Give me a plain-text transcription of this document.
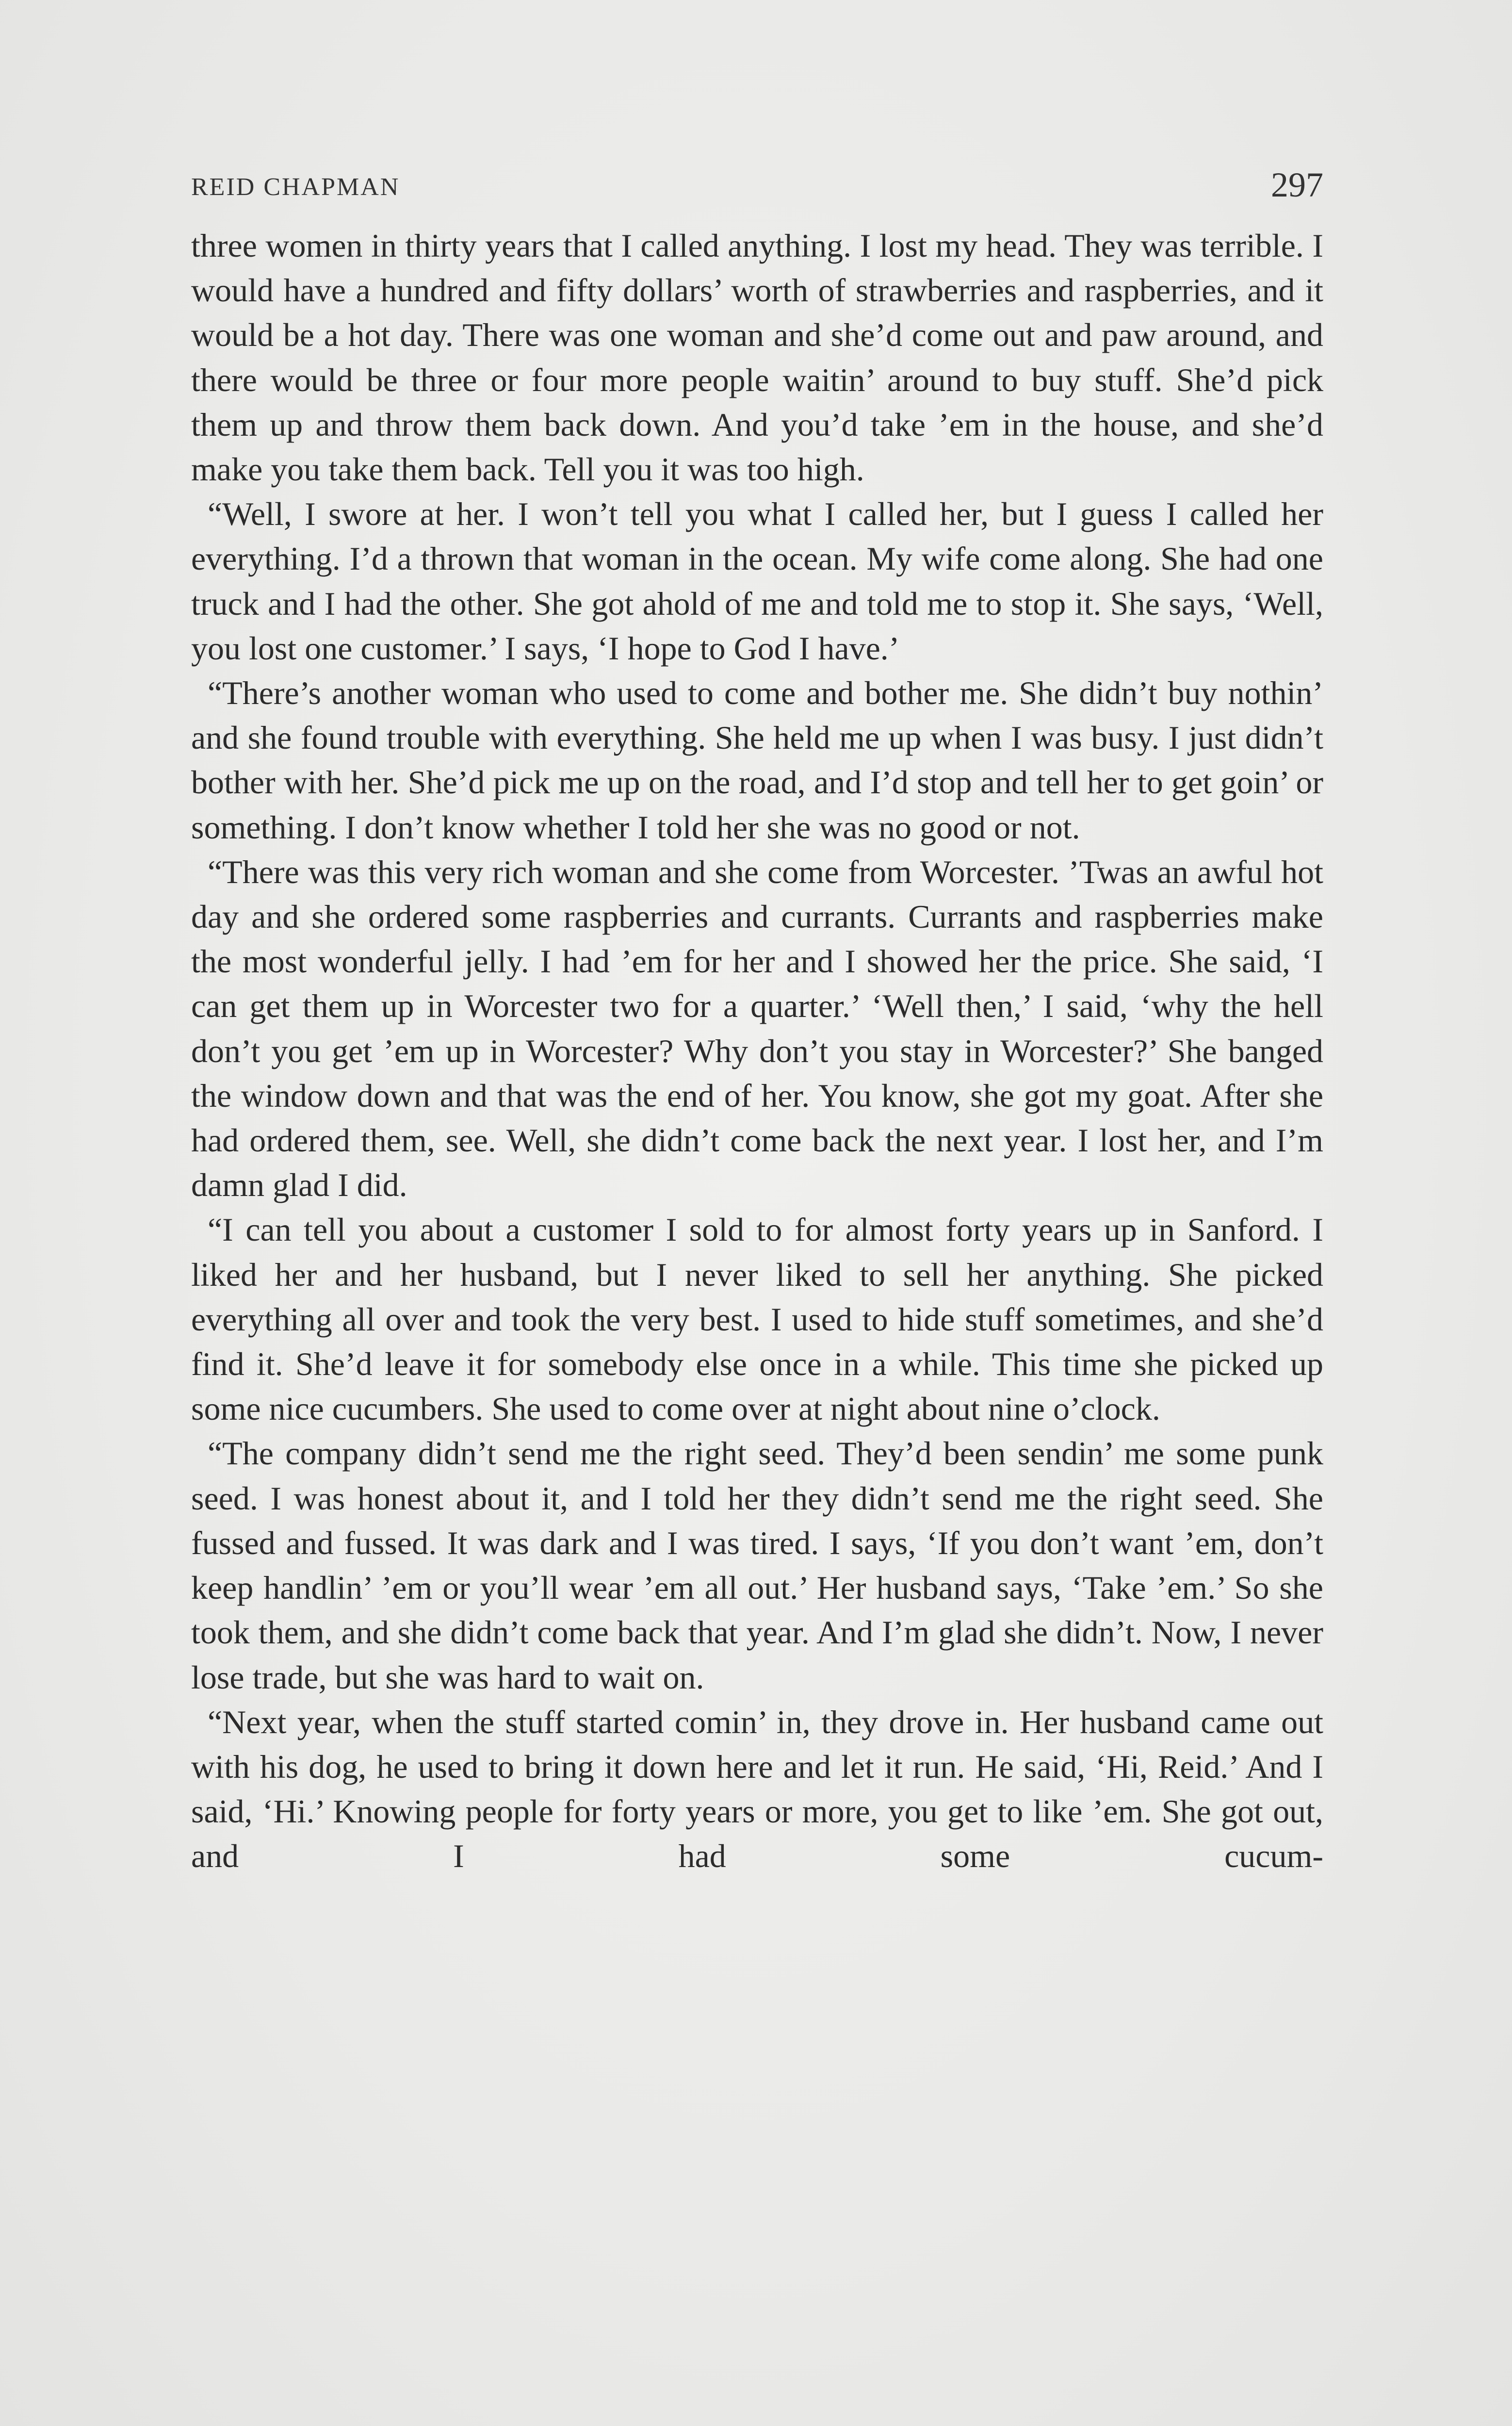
REID CHAPMAN	297

three women in thirty years that I called anything. I lost my head. They was terrible. I would have a hundred and fifty dollars’ worth of strawberries and raspberries, and it would be a hot day. There was one woman and she’d come out and paw around, and there would be three or four more people waitin’ around to buy stuff. She’d pick them up and throw them back down. And you’d take ’em in the house, and she’d make you take them back. Tell you it was too high.

“Well, I swore at her. I won’t tell you what I called her, but I guess I called her everything. I’d a thrown that woman in the ocean. My wife come along. She had one truck and I had the other. She got ahold of me and told me to stop it. She says, ‘Well, you lost one customer.’ I says, ‘I hope to God I have.’

“There’s another woman who used to come and bother me. She didn’t buy nothin’ and she found trouble with everything. She held me up when I was busy. I just didn’t bother with her. She’d pick me up on the road, and I’d stop and tell her to get goin’ or something. I don’t know whether I told her she was no good or not.

“There was this very rich woman and she come from Worcester. ’Twas an awful hot day and she ordered some raspberries and currants. Currants and raspberries make the most wonderful jelly. I had ’em for her and I showed her the price. She said, ‘I can get them up in Worcester two for a quarter.’ ‘Well then,’ I said, ‘why the hell don’t you get ’em up in Worcester? Why don’t you stay in Worcester?’ She banged the window down and that was the end of her. You know, she got my goat. After she had ordered them, see. Well, she didn’t come back the next year. I lost her, and I’m damn glad I did.

“I can tell you about a customer I sold to for almost forty years up in Sanford. I liked her and her husband, but I never liked to sell her anything. She picked everything all over and took the very best. I used to hide stuff sometimes, and she’d find it. She’d leave it for somebody else once in a while. This time she picked up some nice cucumbers. She used to come over at night about nine o’clock.

“The company didn’t send me the right seed. They’d been sendin’ me some punk seed. I was honest about it, and I told her they didn’t send me the right seed. She fussed and fussed. It was dark and I was tired. I says, ‘If you don’t want ’em, don’t keep handlin’ ’em or you’ll wear ’em all out.’ Her husband says, ‘Take ’em.’ So she took them, and she didn’t come back that year. And I’m glad she didn’t. Now, I never lose trade, but she was hard to wait on.

“Next year, when the stuff started comin’ in, they drove in. Her husband came out with his dog, he used to bring it down here and let it run. He said, ‘Hi, Reid.’ And I said, ‘Hi.’ Knowing people for forty years or more, you get to like ’em. She got out, and I had some cucum-
